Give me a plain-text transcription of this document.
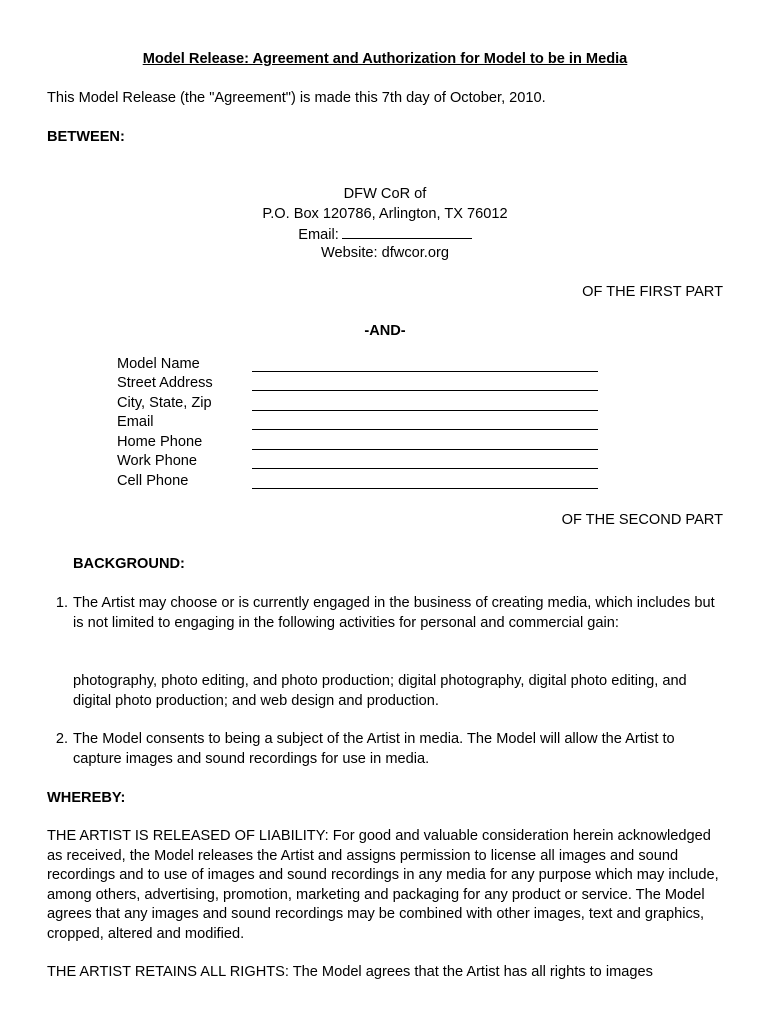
Model Release: Agreement and Authorization for Model to be in Media
This Model Release (the "Agreement") is made this 7th day of October, 2010.
BETWEEN:
DFW CoR of
P.O. Box 120786, Arlington, TX 76012
Email:
Website: dfwcor.org
OF THE FIRST PART
-AND-
Model Name
Street Address
City, State, Zip
Email
Home Phone
Work Phone
Cell Phone
OF THE SECOND PART
BACKGROUND:
1. The Artist may choose or is currently engaged in the business of creating media, which includes but is not limited to engaging in the following activities for personal and commercial gain:
photography, photo editing, and photo production; digital photography, digital photo editing, and digital photo production; and web design and production.
2. The Model consents to being a subject of the Artist in media. The Model will allow the Artist to capture images and sound recordings for use in media.
WHEREBY:
THE ARTIST IS RELEASED OF LIABILITY: For good and valuable consideration herein acknowledged as received, the Model releases the Artist and assigns permission to license all images and sound recordings and to use of images and sound recordings in any media for any purpose which may include, among others, advertising, promotion, marketing and packaging for any product or service. The Model agrees that any images and sound recordings may be combined with other images, text and graphics, cropped, altered and modified.
THE ARTIST RETAINS ALL RIGHTS: The Model agrees that the Artist has all rights to images
